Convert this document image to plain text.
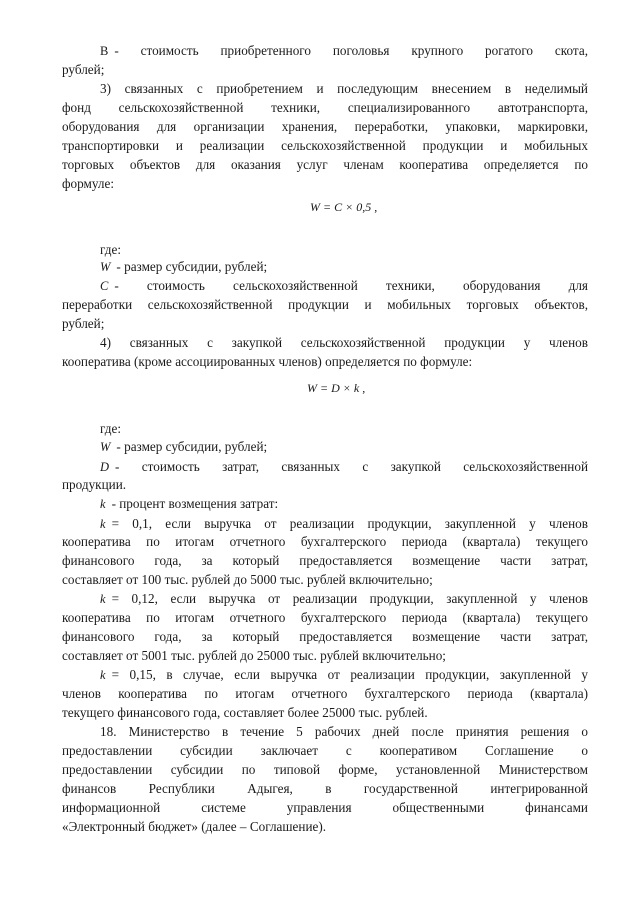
В - стоимость приобретенного поголовья крупного рогатого скота,
рублей;
3) связанных с приобретением и последующим внесением в неделимый
фонд сельскохозяйственной техники, специализированного автотранспорта,
оборудования для организации хранения, переработки, упаковки, маркировки,
транспортировки и реализации сельскохозяйственной продукции и мобильных
торговых объектов для оказания услуг членам кооператива определяется по
формуле:
W = C × 0,5 ,
где:
W - размер субсидии, рублей;
C - стоимость сельскохозяйственной техники, оборудования для
переработки сельскохозяйственной продукции и мобильных торговых объектов,
рублей;
4) связанных с закупкой сельскохозяйственной продукции у членов
кооператива (кроме ассоциированных членов) определяется по формуле:
W = D × k ,
где:
W - размер субсидии, рублей;
D - стоимость затрат, связанных с закупкой сельскохозяйственной
продукции.
k - процент возмещения затрат:
k = 0,1, если выручка от реализации продукции, закупленной у членов
кооператива по итогам отчетного бухгалтерского периода (квартала) текущего
финансового года, за который предоставляется возмещение части затрат,
составляет от 100 тыс. рублей до 5000 тыс. рублей включительно;
k = 0,12, если выручка от реализации продукции, закупленной у членов
кооператива по итогам отчетного бухгалтерского периода (квартала) текущего
финансового года, за который предоставляется возмещение части затрат,
составляет от 5001 тыс. рублей до 25000 тыс. рублей включительно;
k = 0,15, в случае, если выручка от реализации продукции, закупленной у
членов кооператива по итогам отчетного бухгалтерского периода (квартала)
текущего финансового года, составляет более 25000 тыс. рублей.
18. Министерство в течение 5 рабочих дней после принятия решения о
предоставлении субсидии заключает с кооперативом Соглашение о
предоставлении субсидии по типовой форме, установленной Министерством
финансов Республики Адыгея, в государственной интегрированной
информационной системе управления общественными финансами
«Электронный бюджет» (далее – Соглашение).
